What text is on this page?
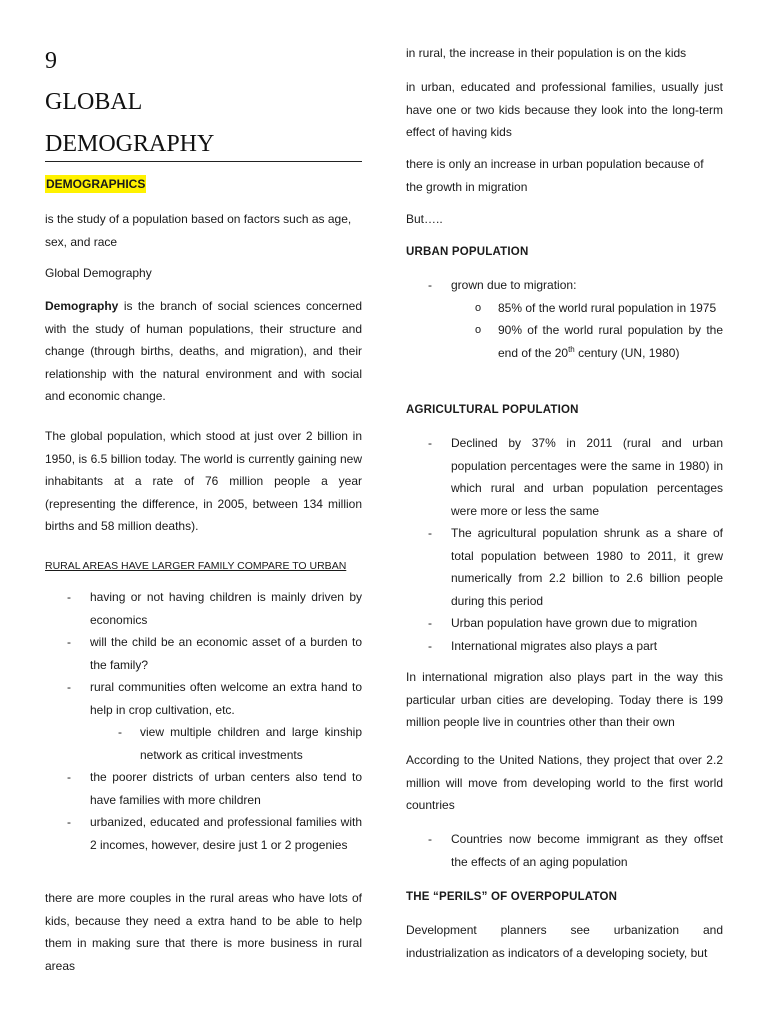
9
GLOBAL
DEMOGRAPHY
DEMOGRAPHICS
is the study of a population based on factors such as age, sex, and race
Global Demography

Demography is the branch of social sciences concerned with the study of human populations, their structure and change (through births, deaths, and migration), and their relationship with the natural environment and with social and economic change.

The global population, which stood at just over 2 billion in 1950, is 6.5 billion today. The world is currently gaining new inhabitants at a rate of 76 million people a year (representing the difference, in 2005, between 134 million births and 58 million deaths).

RURAL AREAS HAVE LARGER FAMILY COMPARE TO URBAN
- having or not having children is mainly driven by economics
- will the child be an economic asset of a burden to the family?
- rural communities often welcome an extra hand to help in crop cultivation, etc.
- view multiple children and large kinship network as critical investments
- the poorer districts of urban centers also tend to have families with more children
- urbanized, educated and professional families with 2 incomes, however, desire just 1 or 2 progenies

there are more couples in the rural areas who have lots of kids, because they need a extra hand to be able to help them in making sure that there is more business in rural areas

in rural, the increase in their population is on the kids

in urban, educated and professional families, usually just have one or two kids because they look into the long-term effect of having kids

there is only an increase in urban population because of the growth in migration

But…..
URBAN POPULATION
- grown due to migration:
o 85% of the world rural population in 1975
o 90% of the world rural population by the end of the 20th century (UN, 1980)
AGRICULTURAL POPULATION
- Declined by 37% in 2011 (rural and urban population percentages were the same in 1980) in which rural and urban population percentages were more or less the same
- The agricultural population shrunk as a share of total population between 1980 to 2011, it grew numerically from 2.2 billion to 2.6 billion people during this period
- Urban population have grown due to migration
- International migrates also plays a part

In international migration also plays part in the way this particular urban cities are developing. Today there is 199 million people live in countries other than their own

According to the United Nations, they project that over 2.2 million will move from developing world to the first world countries

- Countries now become immigrant as they offset the effects of an aging population
THE “PERILS” OF OVERPOPULATON

Development planners see urbanization and industrialization as indicators of a developing society, but
